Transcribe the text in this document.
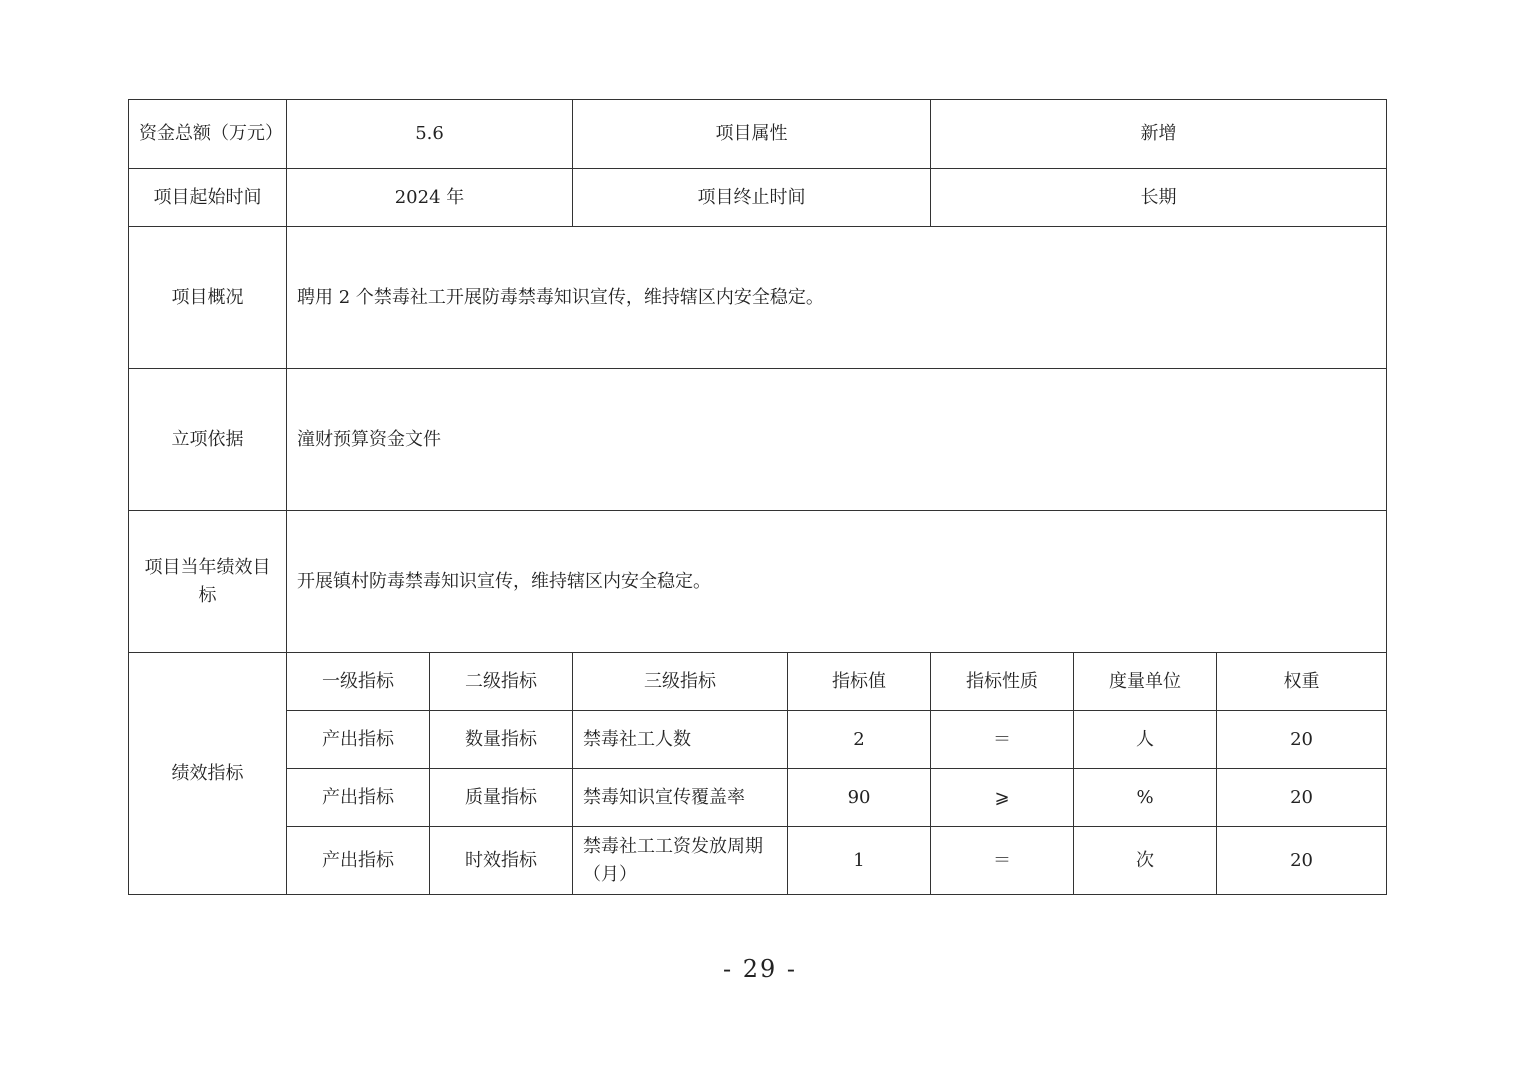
资金总额（万元）	5.6		项目属性		新增		
项目起始时间	2024 年		项目终止时间		长期		
项目概况	聘用 2 个禁毒社工开展防毒禁毒知识宣传，维持辖区内安全稳定。						
立项依据	潼财预算资金文件						
项目当年绩效目标	开展镇村防毒禁毒知识宣传，维持辖区内安全稳定。						
绩效指标	一级指标	二级指标	三级指标	指标值	指标性质	度量单位	权重
	产出指标	数量指标	禁毒社工人数	2	＝	人	20
	产出指标	质量指标	禁毒知识宣传覆盖率	90	⩾	%	20
	产出指标	时效指标	禁毒社工工资发放周期（月）	1	＝	次	20
- 29 -
